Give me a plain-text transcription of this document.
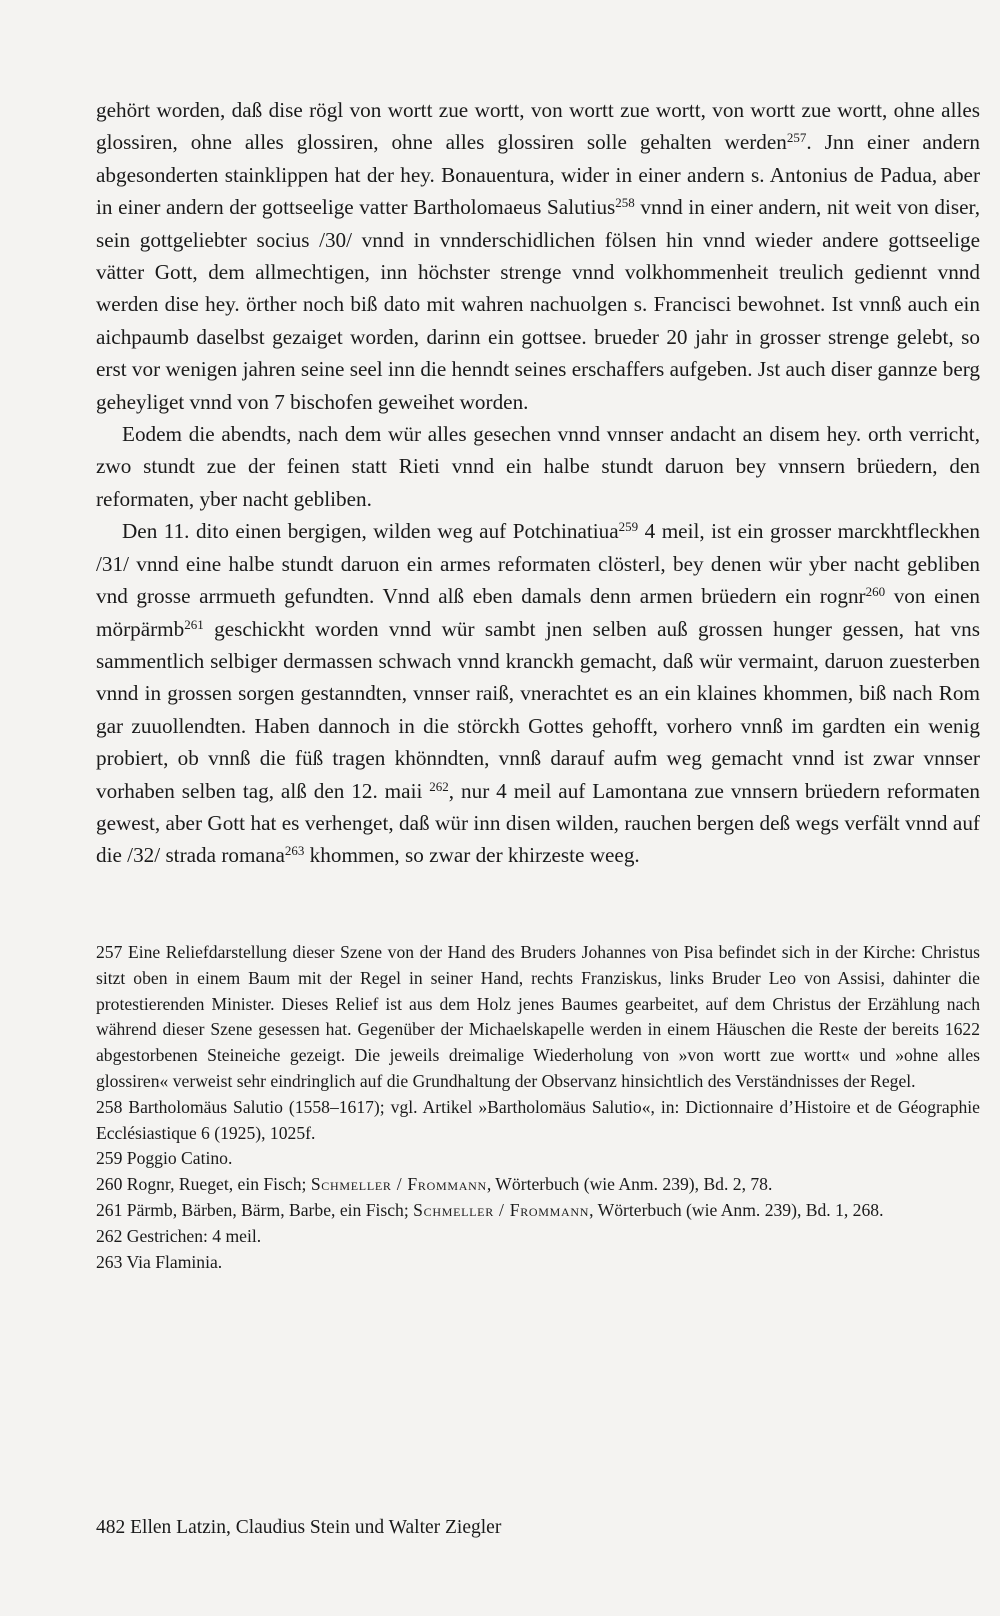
gehört worden, daß dise rögl von wortt zue wortt, von wortt zue wortt, von wortt zue wortt, ohne alles glossiren, ohne alles glossiren, ohne alles glossiren solle gehalten werden$^{257}$. Jnn einer andern abgesonderten stainklippen hat der hey. Bonauentura, wider in einer andern s. Antonius de Padua, aber in einer andern der gottseelige vatter Bartholomaeus Salutius$^{258}$ vnnd in einer andern, nit weit von diser, sein gottgeliebter socius /30/ vnnd in vnnderschidlichen fölsen hin vnnd wieder andere gottseelige vätter Gott, dem allmechtigen, inn höchster strenge vnnd volkhommenheit treulich gediennt vnnd werden dise hey. örther noch biß dato mit wahren nachuolgen s. Francisci bewohnet. Ist vnnß auch ein aichpaumb daselbst gezaiget worden, darinn ein gottsee. brueder 20 jahr in grosser strenge gelebt, so erst vor wenigen jahren seine seel inn die henndt seines erschaffers aufgeben. Jst auch diser gannze berg geheyliget vnnd von 7 bischofen geweihet worden.

Eodem die abendts, nach dem wür alles gesechen vnnd vnnser andacht an disem hey. orth verricht, zwo stundt zue der feinen statt Rieti vnnd ein halbe stundt daruon bey vnnsern brüedern, den reformaten, yber nacht gebliben.

Den 11. dito einen bergigen, wilden weg auf Potchinatiua$^{259}$ 4 meil, ist ein grosser marckhtfleckhen /31/ vnnd eine halbe stundt daruon ein armes reformaten clösterl, bey denen wür yber nacht gebliben vnd grosse arrmueth gefundten. Vnnd alß eben damals denn armen brüedern ein rognr$^{260}$ von einen mörpärmb$^{261}$ geschickht worden vnnd wür sambt jnen selben auß grossen hunger gessen, hat vns sammentlich selbiger dermassen schwach vnnd kranckh gemacht, daß wür vermaint, daruon zuesterben vnnd in grossen sorgen gestanndten, vnnser raiß, vnerachtet es an ein klaines khommen, biß nach Rom gar zuuollendten. Haben dannoch in die störckh Gottes gehofft, vorhero vnnß im gardten ein wenig probiert, ob vnnß die füß tragen khönndten, vnnß darauf aufm weg gemacht vnnd ist zwar vnnser vorhaben selben tag, alß den 12. maii $^{262}$, nur 4 meil auf Lamontana zue vnnsern brüedern reformaten gewest, aber Gott hat es verhenget, daß wür inn disen wilden, rauchen bergen deß wegs verfält vnnd auf die /32/ strada romana$^{263}$ khommen, so zwar der khirzeste weeg.

257 Eine Reliefdarstellung dieser Szene von der Hand des Bruders Johannes von Pisa befindet sich in der Kirche: Christus sitzt oben in einem Baum mit der Regel in seiner Hand, rechts Franziskus, links Bruder Leo von Assisi, dahinter die protestierenden Minister. Dieses Relief ist aus dem Holz jenes Baumes gearbeitet, auf dem Christus der Erzählung nach während dieser Szene gesessen hat. Gegenüber der Michaelskapelle werden in einem Häuschen die Reste der bereits 1622 abgestorbenen Steineiche gezeigt. Die jeweils dreimalige Wiederholung von »von wortt zue wortt« und »ohne alles glossiren« verweist sehr eindringlich auf die Grundhaltung der Observanz hinsichtlich des Verständnisses der Regel.

258 Bartholomäus Salutio (1558–1617); vgl. Artikel »Bartholomäus Salutio«, in: Dictionnaire d’Histoire et de Géographie Ecclésiastique 6 (1925), 1025f.

259 Poggio Catino.

260 Rognr, Rueget, ein Fisch; Schmeller / Frommann, Wörterbuch (wie Anm. 239), Bd. 2, 78.

261 Pärmb, Bärben, Bärm, Barbe, ein Fisch; Schmeller / Frommann, Wörterbuch (wie Anm. 239), Bd. 1, 268.

262 Gestrichen: 4 meil.

263 Via Flaminia.

482 Ellen Latzin, Claudius Stein und Walter Ziegler
